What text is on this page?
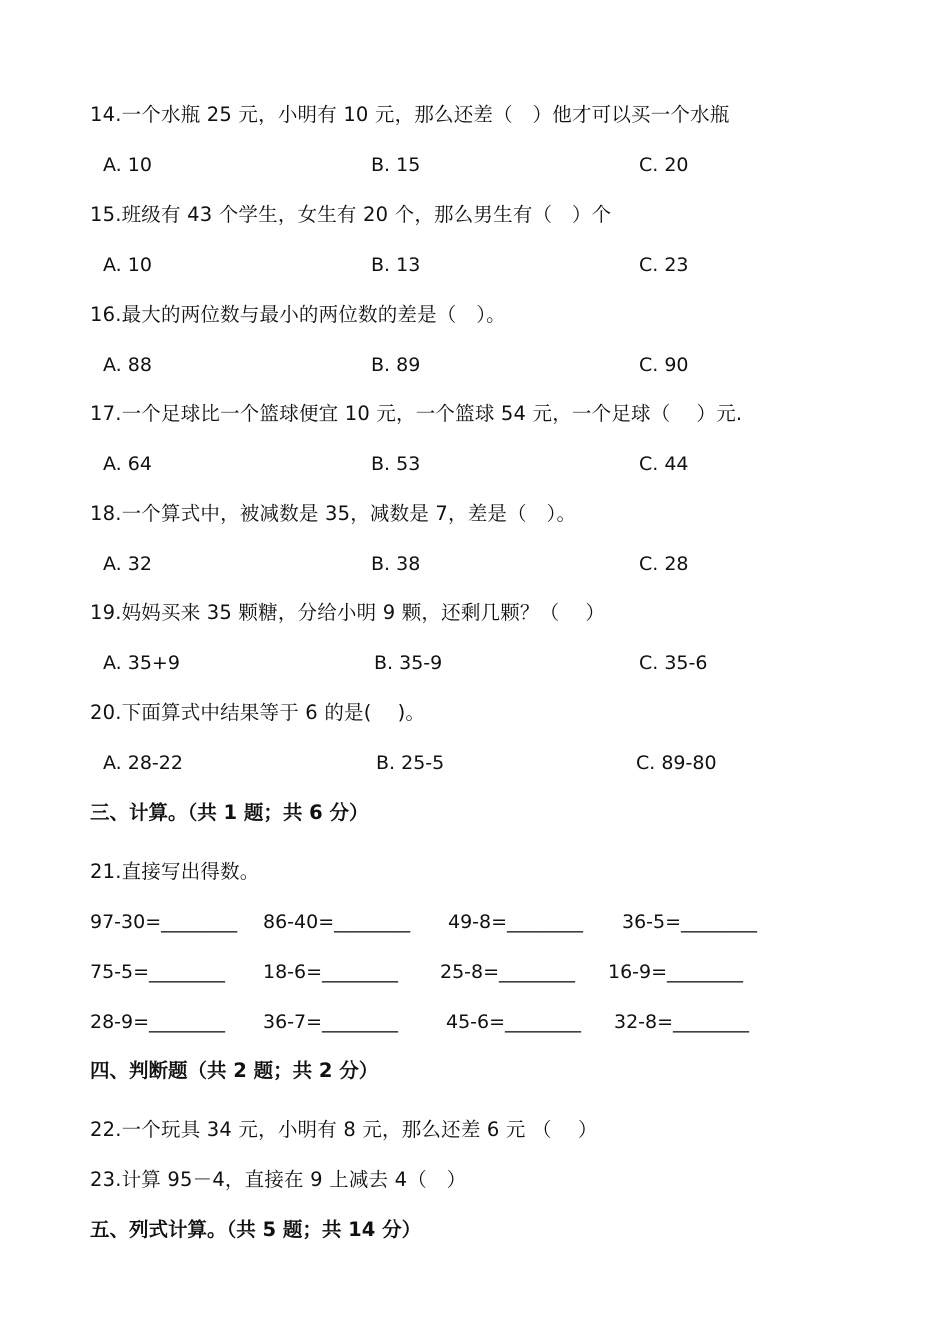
14.一个水瓶 25 元，小明有 10 元，那么还差（　）他才可以买一个水瓶
A. 10	B. 15	C. 20
15.班级有 43 个学生，女生有 20 个，那么男生有（　）个
A. 10	B. 13	C. 23
16.最大的两位数与最小的两位数的差是（　）。
A. 88	B. 89	C. 90
17.一个足球比一个篮球便宜 10 元，一个篮球 54 元，一个足球（　 ）元.
A. 64	B. 53	C. 44
18.一个算式中，被减数是 35，减数是 7，差是（　）。
A. 32	B. 38	C. 28
19.妈妈买来 35 颗糖，分给小明 9 颗，还剩几颗？（　 ）
A. 35+9	B. 35-9	C. 35-6
20.下面算式中结果等于 6 的是(　 )。
A. 28-22	B. 25-5	C. 89-80
三、计算。（共 1 题；共 6 分）
21.直接写出得数。
97-30=________ 86-40=________ 49-8=________ 36-5=________
75-5=________ 18-6=________ 25-8=________ 16-9=________
28-9=________ 36-7=________	45-6=________ 32-8=________
四、判断题（共 2 题；共 2 分）
22.一个玩具 34 元，小明有 8 元，那么还差 6 元 （　 ）
23.计算 95－4，直接在 9 上减去 4（　）
五、列式计算。（共 5 题；共 14 分）
